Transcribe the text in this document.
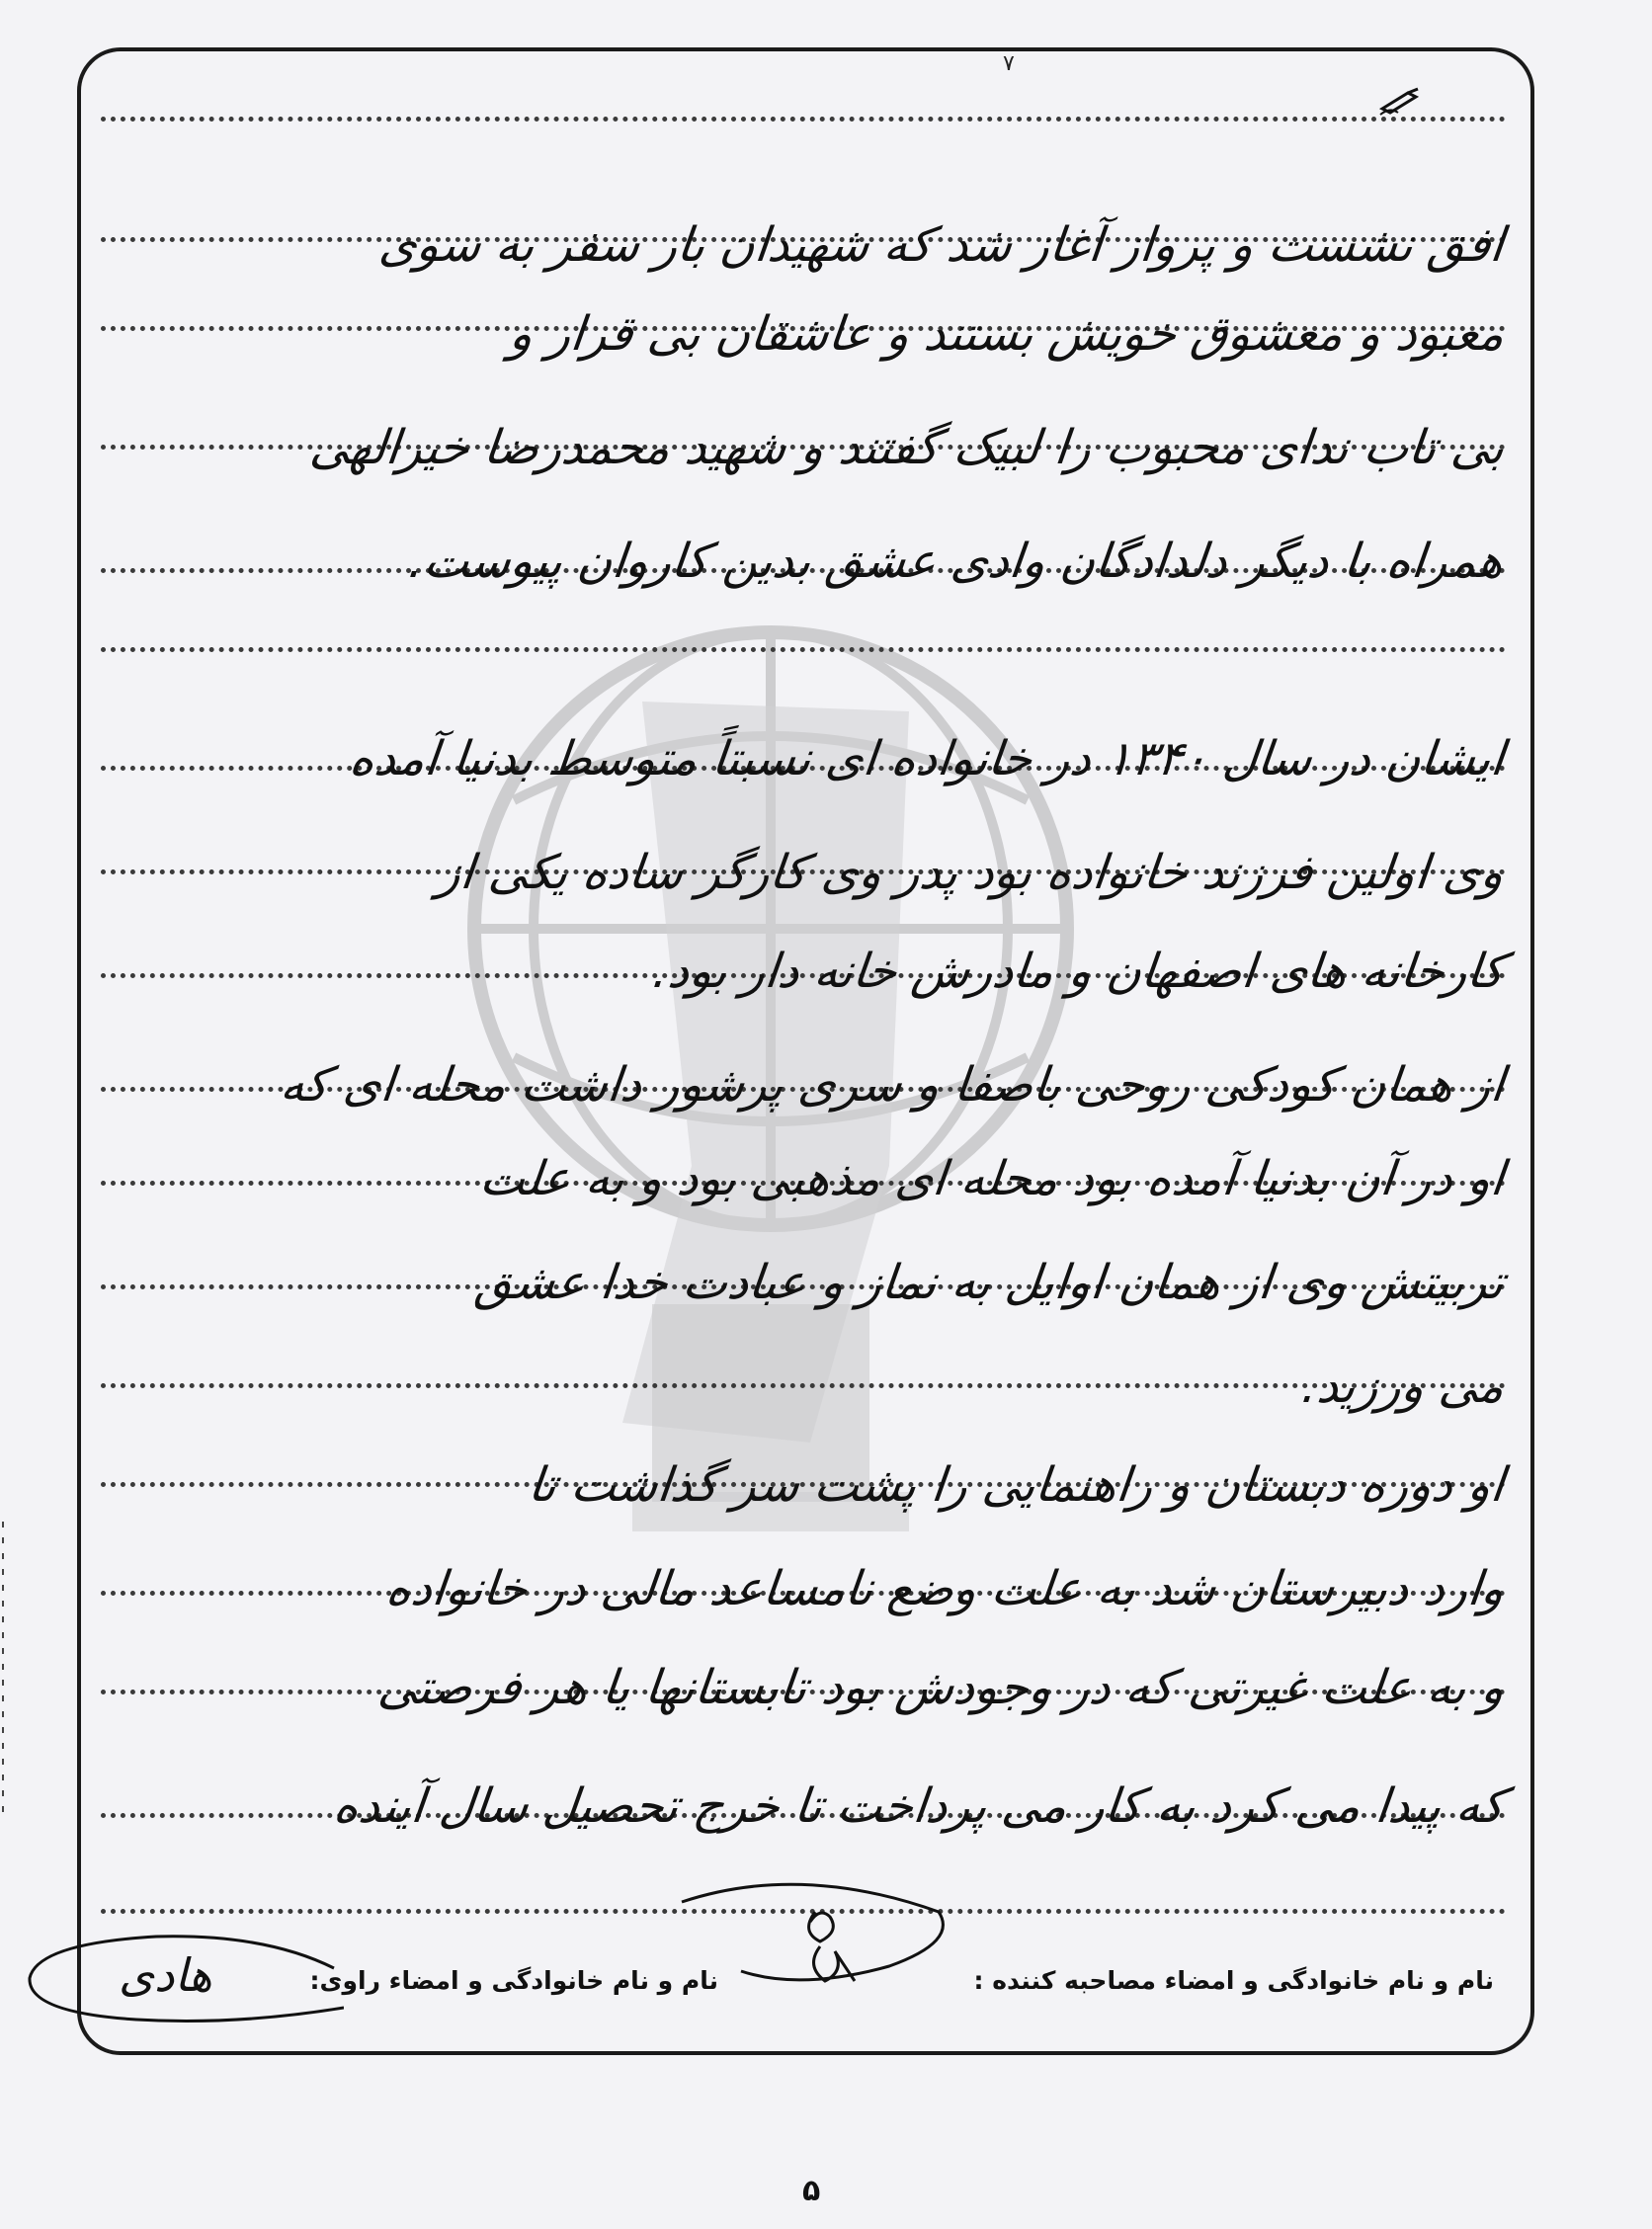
۷
افق نشست و پرواز آغاز شد که شهیدان بار سفر به سوی
معبود و معشوق خویش بستند و عاشقان بی قرار و
بی تاب ندای محبوب را لبیک گفتند و شهید محمدرضا خیرالهی
همراه با دیگر دلدادگان وادی عشق بدین کاروان پیوست.
ایشان در سال ۱۳۴۰ در خانواده ای نسبتاً متوسط بدنیا آمده
وی اولین فرزند خانواده بود پدر وی کارگر ساده یکی از
کارخانه های اصفهان و مادرش خانه دار بود.
از همان کودکی روحی باصفا و سری پرشور داشت محله ای که
او در آن بدنیا آمده بود محله ای مذهبی بود و به علت
تربیتش وی از همان اوایل به نماز و عبادت خدا عشق
می ورزید.
او دوره دبستان و راهنمایی را پشت سر گذاشت تا
وارد دبیرستان شد به علت وضع نامساعد مالی در خانواده
و به علت غیرتی که در وجودش بود تابستانها یا هر فرصتی
که پیدا می کرد به کار می پرداخت تا خرج تحصیل سال آینده
نام و نام خانوادگی و امضاء مصاحبه کننده :
نام و نام خانوادگی و امضاء راوی:
هادی
۵
